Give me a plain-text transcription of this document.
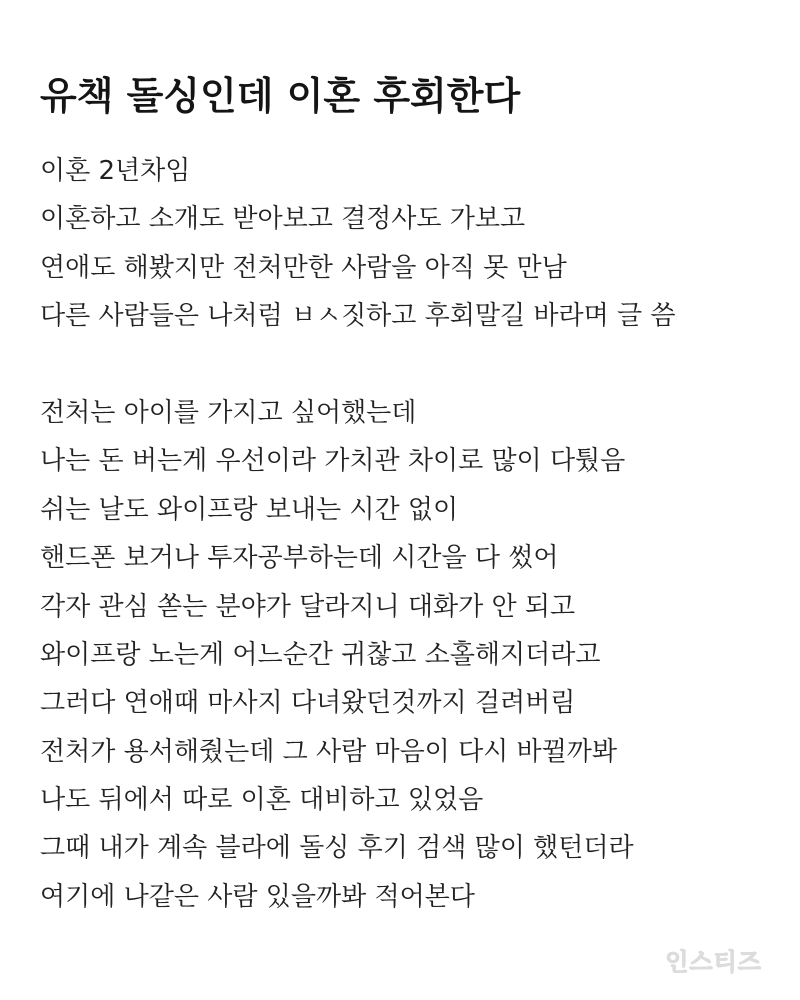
유책 돌싱인데 이혼 후회한다
이혼 2년차임
이혼하고 소개도 받아보고 결정사도 가보고
연애도 해봤지만 전처만한 사람을 아직 못 만남
다른 사람들은 나처럼 ㅂㅅ짓하고 후회말길 바라며 글 씀
전처는 아이를 가지고 싶어했는데
나는 돈 버는게 우선이라 가치관 차이로 많이 다퉜음
쉬는 날도 와이프랑 보내는 시간 없이
핸드폰 보거나 투자공부하는데 시간을 다 썼어
각자 관심 쏟는 분야가 달라지니 대화가 안 되고
와이프랑 노는게 어느순간 귀찮고 소홀해지더라고
그러다 연애때 마사지 다녀왔던것까지 걸려버림
전처가 용서해줬는데 그 사람 마음이 다시 바뀔까봐
나도 뒤에서 따로 이혼 대비하고 있었음
그때 내가 계속 블라에 돌싱 후기 검색 많이 했턴더라
여기에 나같은 사람 있을까봐 적어본다
인스티즈
